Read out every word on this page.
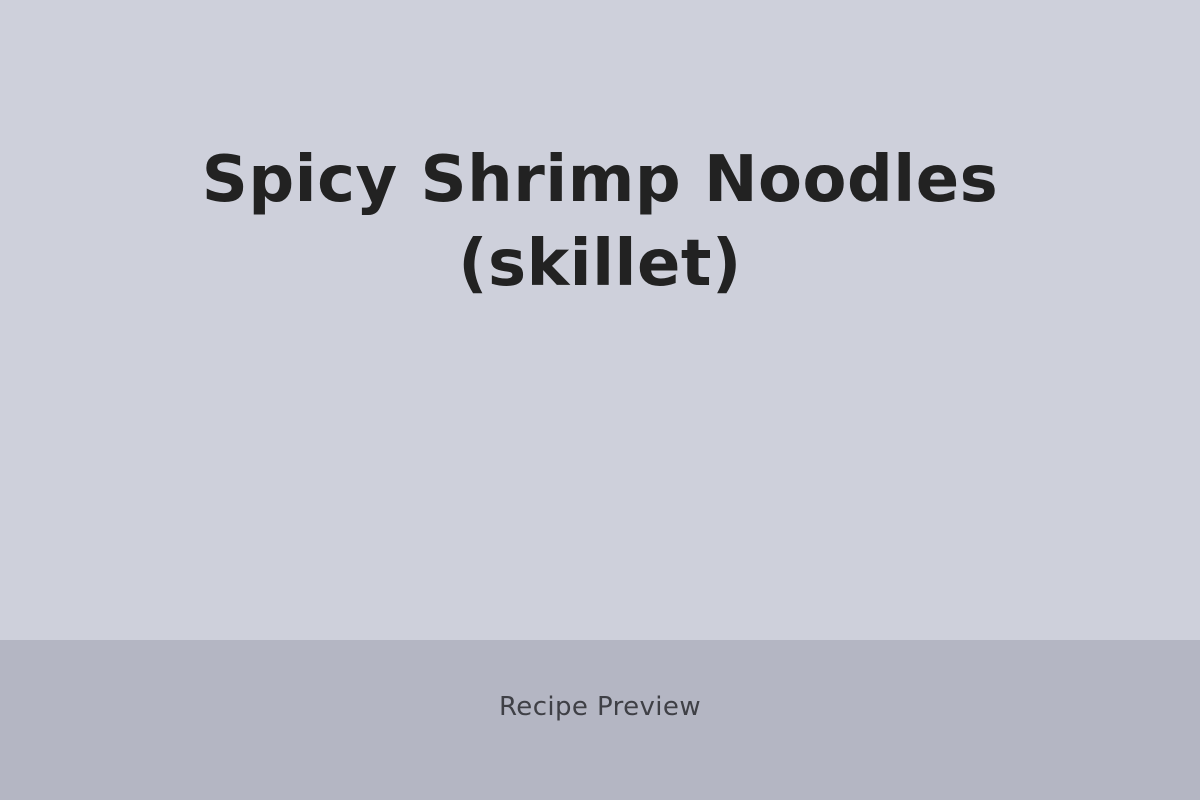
Spicy Shrimp Noodles (skillet)

Recipe Preview
